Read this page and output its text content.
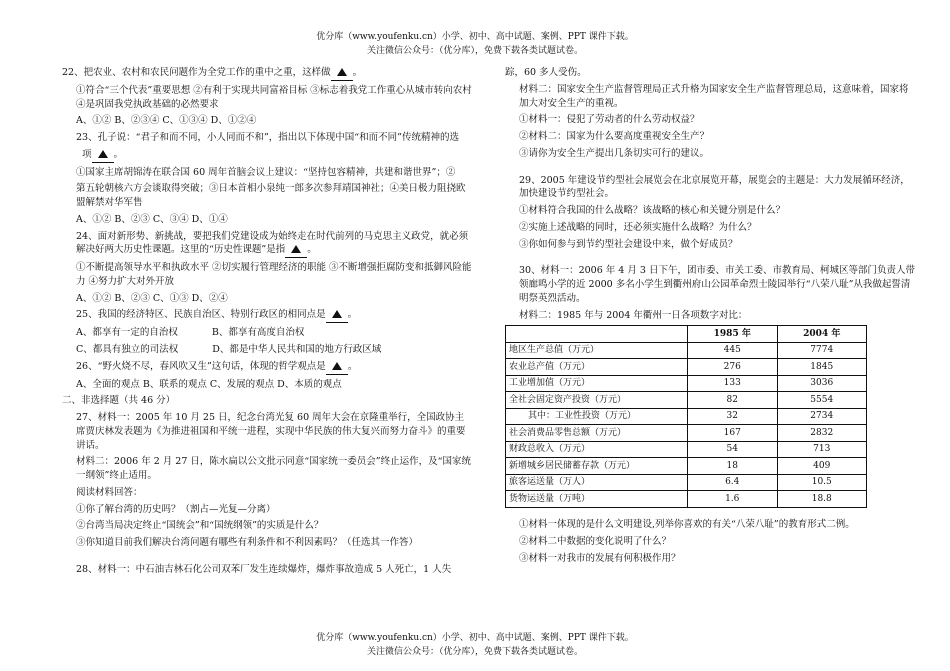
优分库（www.youfenku.cn）小学、初中、高中试题、案例、PPT 课件下载。
关注微信公众号：（优分库），免费下载各类试题试卷。

22、把农业、农村和农民问题作为全党工作的重中之重，这样做 。

①符合“三个代表”重要思想 ②有利于实现共同富裕目标 ③标志着我党工作重心从城市转向农村 ④是巩固我党执政基础的必然要求

A、①② B、②③④ C、①③④ D、①②④

23、孔子说：“君子和而不同，小人同而不和”，指出以下体现中国“和而不同”传统精神的选

项 。

①国家主席胡锦涛在联合国 60 周年首脑会议上建议：“坚持包容精神，共建和谐世界”；②

第五轮朝核六方会谈取得突破；③日本首相小泉纯一郎多次参拜靖国神社；④美日极力阻挠欧盟解禁对华军售

A、①② B、②③ C、③④ D、①④

24、面对新形势、新挑战，要把我们党建设成为始终走在时代前列的马克思主义政党，就必须解决好两大历史性课题。这里的“历史性课题”是指 。

①不断提高领导水平和执政水平 ②切实履行管理经济的职能 ③不断增强拒腐防变和抵御风险能力 ④努力扩大对外开放

A、①② B、②③ C、①③ D、②④

25、我国的经济特区、民族自治区、特别行政区的相同点是 。

A、都享有一定的自治权	B、都享有高度自治权

C、都具有独立的司法权	D、都是中华人民共和国的地方行政区域

26、“野火烧不尽，春风吹又生”这句话，体现的哲学观点是 。

A、全面的观点 B、联系的观点 C、发展的观点 D、本质的观点

二、非选择题（共 46 分）

27、材料一：2005 年 10 月 25 日，纪念台湾光复 60 周年大会在京隆重举行，全国政协主席贾庆林发表题为《为推进祖国和平统一进程，实现中华民族的伟大复兴而努力奋斗》的重要讲话。

材料二：2006 年 2 月 27 日，陈水扁以公文批示同意“国家统一委员会”终止运作，及“国家统一纲领”终止适用。

阅读材料回答：

①你了解台湾的历史吗？（割占—光复—分离）

②台湾当局决定终止“国统会”和“国统纲领”的实质是什么？

③你知道目前我们解决台湾问题有哪些有利条件和不利因素吗？（任选其一作答）

28、材料一：中石油吉林石化公司双苯厂发生连续爆炸，爆炸事故造成 5 人死亡，1 人失

踪，60 多人受伤。

材料二：国家安全生产监督管理局正式升格为国家安全生产监督管理总局，这意味着，国家将加大对安全生产的重视。

①材料一：侵犯了劳动者的什么劳动权益？

②材料二：国家为什么要高度重视安全生产？

③请你为安全生产提出几条切实可行的建议。

29、2005 年建设节约型社会展览会在北京展览开幕，展览会的主题是：大力发展循环经济，加快建设节约型社会。

①材料符合我国的什么战略？该战略的核心和关键分别是什么？

②实施上述战略的同时，还必须实施什么战略？为什么？

③你如何参与到节约型社会建设中来，做个好成员？

30、材料一：2006 年 4 月 3 日下午，团市委、市关工委、市教育局、柯城区等部门负责人带领廊鸣小学的近 2000 多名小学生到衢州府山公园革命烈士陵园举行“八荣八耻”从我做起誓清明祭英烈活动。

材料二：1985 年与 2004 年衢州一日各项数字对比：

	1985 年	2004 年
地区生产总值（万元）	445	7774
农业总产值（万元）	276	1845
工业增加值（万元）	133	3036
全社会固定资产投资（万元）	82	5554
其中：工业性投资（万元）	32	2734
社会消费品零售总额（万元）	167	2832
财政总收入（万元）	54	713
新增城乡居民储蓄存款（万元）	18	409
旅客运送量（万人）	6.4	10.5
货物运送量（万吨）	1.6	18.8

①材料一体现的是什么文明建设,列举你喜欢的有关“八荣八耻”的教育形式二例。

②材料二中数据的变化说明了什么？

③材料一对我市的发展有何积极作用？

优分库（www.youfenku.cn）小学、初中、高中试题、案例、PPT 课件下载。
关注微信公众号：（优分库），免费下载各类试题试卷。
